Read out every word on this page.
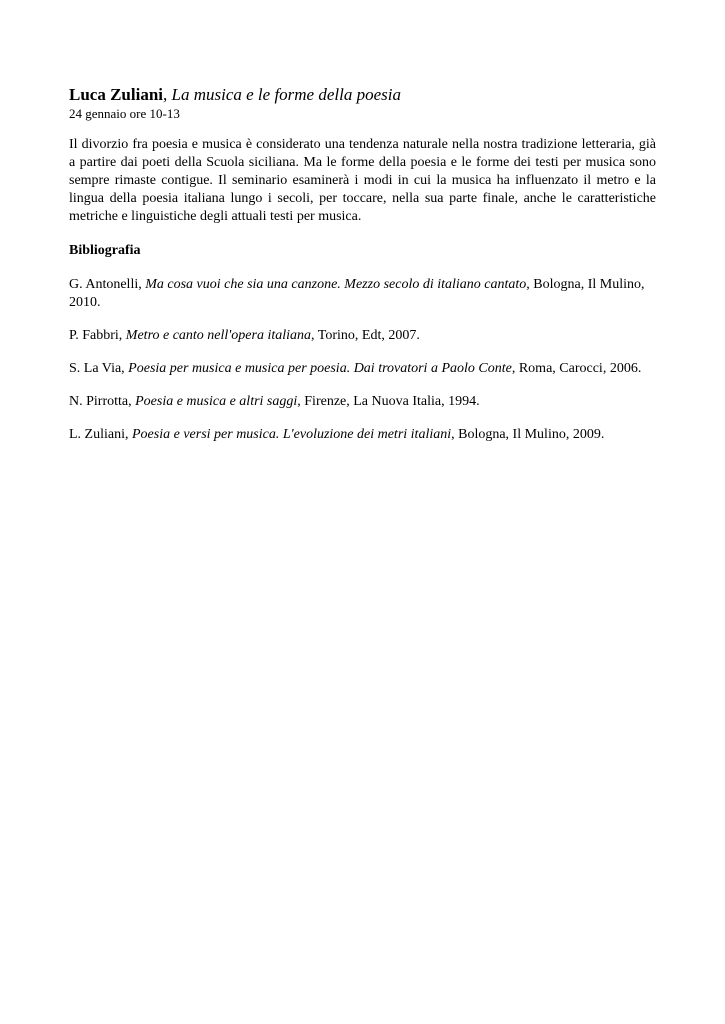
Luca Zuliani, La musica e le forme della poesia

24 gennaio ore 10-13

Il divorzio fra poesia e musica è considerato una tendenza naturale nella nostra tradizione letteraria, già a partire dai poeti della Scuola siciliana. Ma le forme della poesia e le forme dei testi per musica sono sempre rimaste contigue. Il seminario esaminerà i modi in cui la musica ha influenzato il metro e la lingua della poesia italiana lungo i secoli, per toccare, nella sua parte finale, anche le caratteristiche metriche e linguistiche degli attuali testi per musica.

Bibliografia

G. Antonelli, Ma cosa vuoi che sia una canzone. Mezzo secolo di italiano cantato, Bologna, Il Mulino, 2010.
P. Fabbri, Metro e canto nell'opera italiana, Torino, Edt, 2007.
S. La Via, Poesia per musica e musica per poesia. Dai trovatori a Paolo Conte, Roma, Carocci, 2006.
N. Pirrotta, Poesia e musica e altri saggi, Firenze, La Nuova Italia, 1994.
L. Zuliani, Poesia e versi per musica. L'evoluzione dei metri italiani, Bologna, Il Mulino, 2009.
